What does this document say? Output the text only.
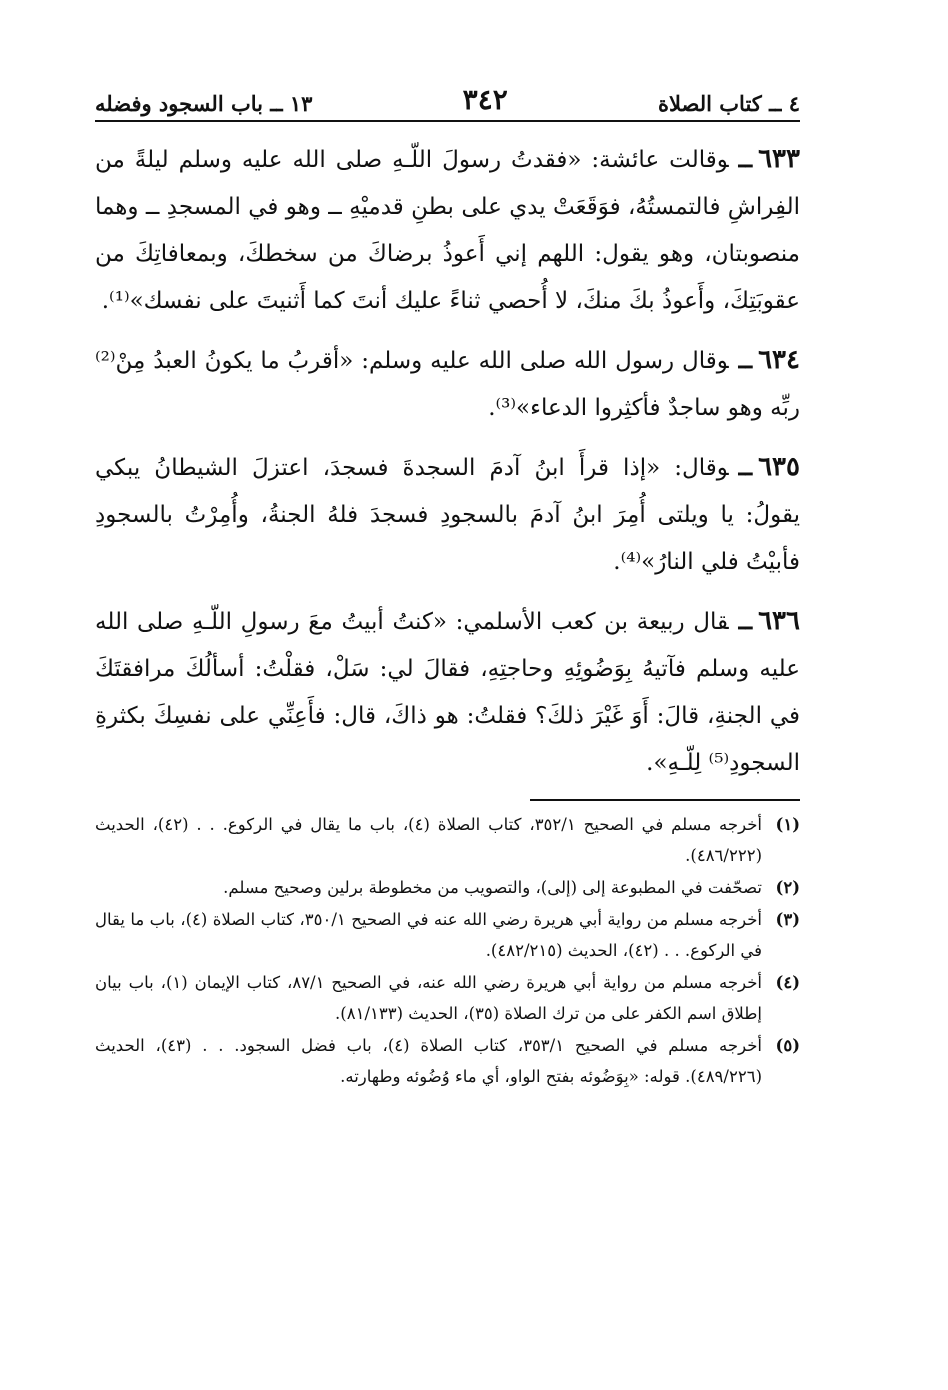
٤ ــ كتاب الصلاة
٣٤٢
١٣ ــ باب السجود وفضله

٦٣٣ــوقالت عائشة: «فقدتُ رسولَ اللّـهِ صلى الله عليه وسلم ليلةً من الفِراشِ فالتمستُهُ، فوَقَعَتْ يدي على بطنِ قدميْهِ ــ وهو في المسجدِ ــ وهما منصوبتان، وهو يقول: اللهم إني أَعوذُ برضاكَ من سخطكَ، وبمعافاتِكَ من عقوبَتِكَ، وأَعوذُ بكَ منكَ، لا أُحصي ثناءً عليك أنتَ كما أَثنيتَ على نفسك»⁽¹⁾.

٦٣٤ــوقال رسول الله صلى الله عليه وسلم: «أقربُ ما يكونُ العبدُ مِنْ⁽²⁾ ربِّه وهو ساجدٌ فأكثِروا الدعاء»⁽³⁾.

٦٣٥ــوقال: «إذا قرأَ ابنُ آدمَ السجدةَ فسجدَ، اعتزلَ الشيطانُ يبكي يقولُ: يا ويلتى أُمِرَ ابنُ آدمَ بالسجودِ فسجدَ فلهُ الجنةُ، وأُمِرْتُ بالسجودِ فأبيْتُ فلي النارُ»⁽⁴⁾.

٦٣٦ــقال ربيعة بن كعب الأسلمي: «كنتُ أبيتُ معَ رسولِ اللّـهِ صلى الله عليه وسلم فآتيهُ بِوَضُوئِهِ وحاجتِهِ، فقالَ لي: سَلْ، فقلْتُ: أسألُكَ مرافقتَكَ في الجنةِ، قالَ: أَوَ غَيْرَ ذلكَ؟ فقلتُ: هو ذاكَ، قال: فأَعِنِّي على نفسِكَ بكثرةِ السجودِ⁽⁵⁾ لِلّـهِ».

(١)
أخرجه مسلم في الصحيح ٣٥٢/١، كتاب الصلاة (٤)، باب ما يقال في الركوع. . . (٤٢)، الحديث (٤٨٦/٢٢٢).
(٢)
تصحّفت في المطبوعة إلى (إلى)، والتصويب من مخطوطة برلين وصحيح مسلم.
(٣)
أخرجه مسلم من رواية أبي هريرة رضي الله عنه في الصحيح ٣٥٠/١، كتاب الصلاة (٤)، باب ما يقال في الركوع. . . (٤٢)، الحديث (٤٨٢/٢١٥).
(٤)
أخرجه مسلم من رواية أبي هريرة رضي الله عنه، في الصحيح ٨٧/١، كتاب الإيمان (١)، باب بيان إطلاق اسم الكفر على من ترك الصلاة (٣٥)، الحديث (٨١/١٣٣).
(٥)
أخرجه مسلم في الصحيح ٣٥٣/١، كتاب الصلاة (٤)، باب فضل السجود. . . (٤٣)، الحديث (٤٨٩/٢٢٦). قوله: «بِوَضُوئه بفتح الواو، أي ماء وُضُوئه وطهارته.
